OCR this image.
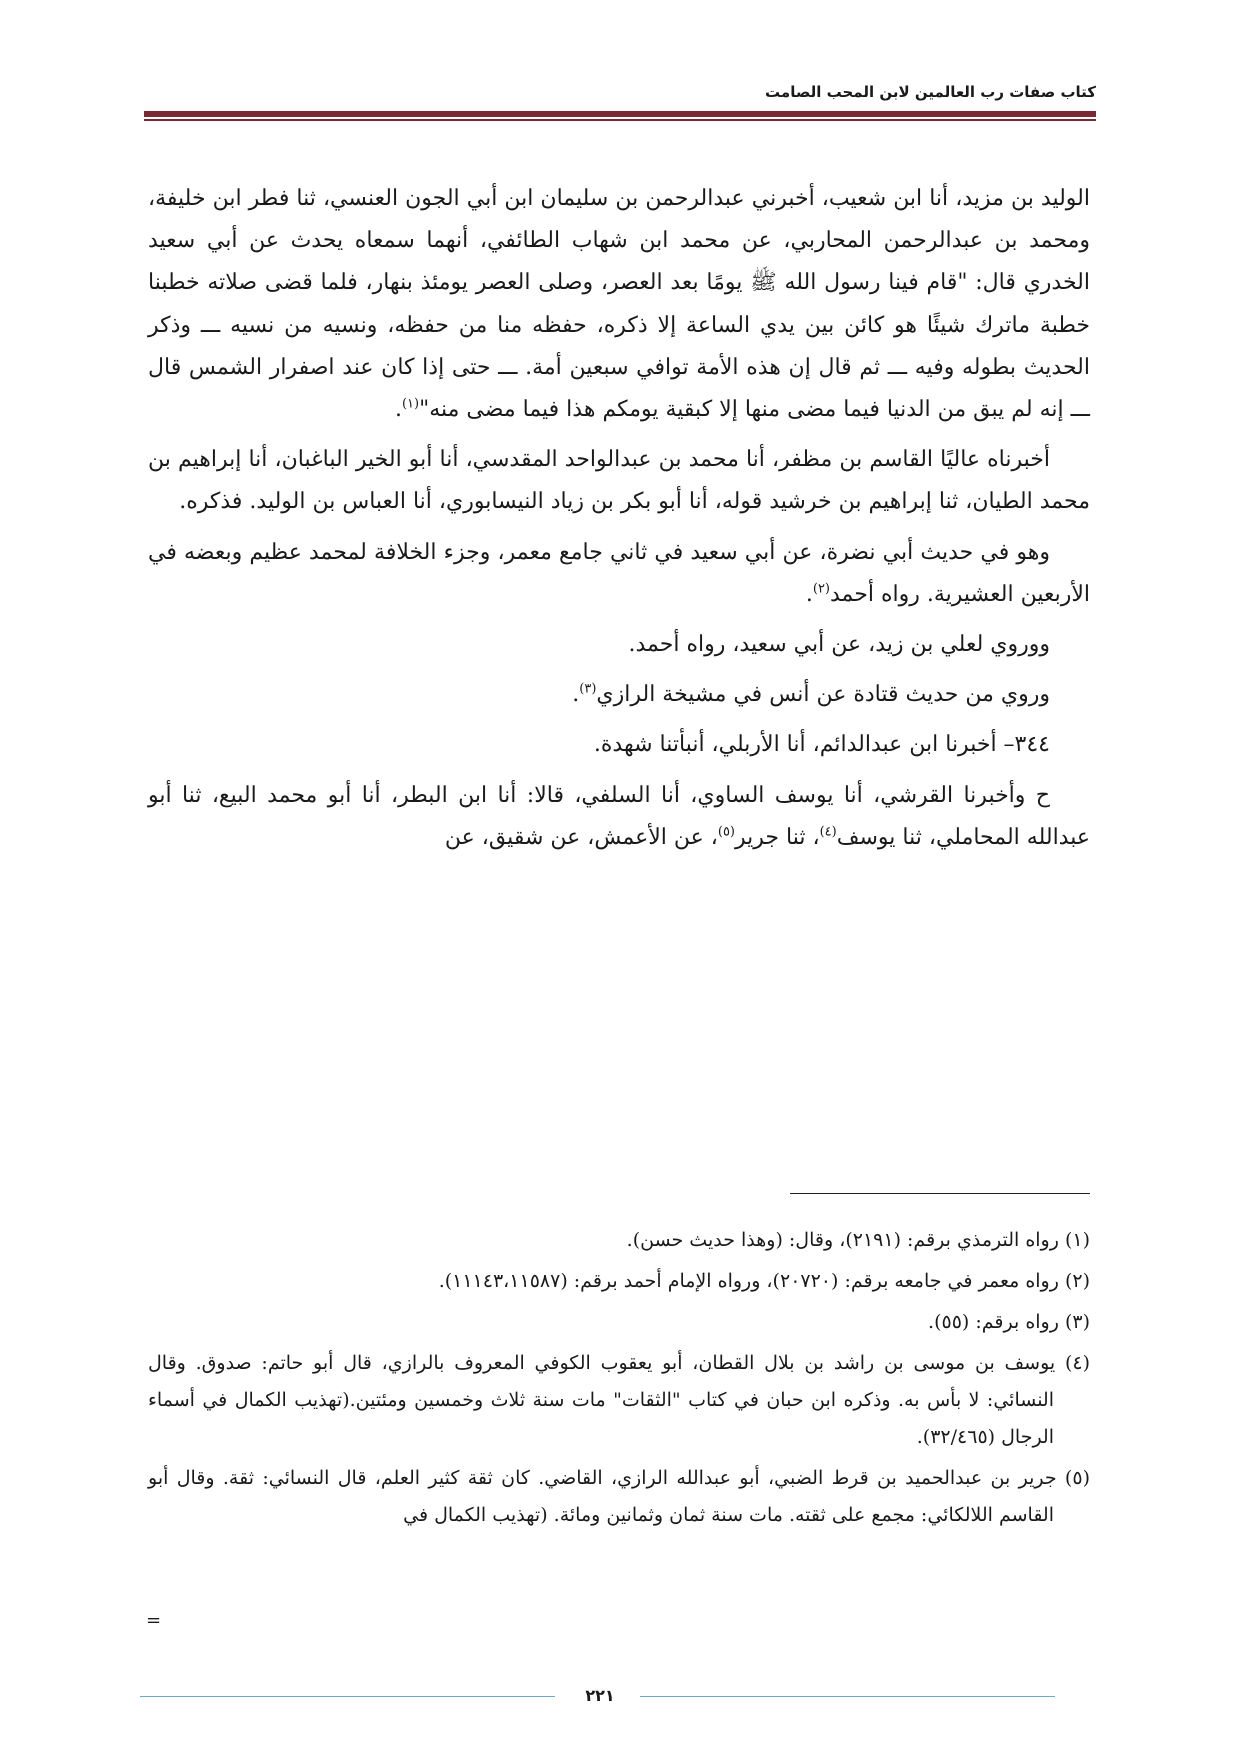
كتاب صفات رب العالمين لابن المحب الصامت

الوليد بن مزيد، أنا ابن شعيب، أخبرني عبدالرحمن بن سليمان ابن أبي الجون العنسي، ثنا فطر ابن خليفة، ومحمد بن عبدالرحمن المحاربي، عن محمد ابن شهاب الطائفي، أنهما سمعاه يحدث عن أبي سعيد الخدري قال: "قام فينا رسول الله ﷺ يومًا بعد العصر، وصلى العصر يومئذ بنهار، فلما قضى صلاته خطبنا خطبة ماترك شيئًا هو كائن بين يدي الساعة إلا ذكره، حفظه منا من حفظه، ونسيه من نسيه ـــ وذكر الحديث بطوله وفيه ـــ ثم قال إن هذه الأمة توافي سبعين أمة. ـــ حتى إذا كان عند اصفرار الشمس قال ـــ إنه لم يبق من الدنيا فيما مضى منها إلا كبقية يومكم هذا فيما مضى منه"$^{(١)}$.

أخبرناه عاليًا القاسم بن مظفر، أنا محمد بن عبدالواحد المقدسي، أنا أبو الخير الباغبان، أنا إبراهيم بن محمد الطيان، ثنا إبراهيم بن خرشيد قوله، أنا أبو بكر بن زياد النيسابوري، أنا العباس بن الوليد. فذكره.

وهو في حديث أبي نضرة، عن أبي سعيد في ثاني جامع معمر، وجزء الخلافة لمحمد عظيم وبعضه في الأربعين العشيرية. رواه أحمد$^{(٢)}$.

ووروي لعلي بن زيد، عن أبي سعيد، رواه أحمد.

وروي من حديث قتادة عن أنس في مشيخة الرازي$^{(٣)}$.

٣٤٤– أخبرنا ابن عبدالدائم، أنا الأربلي، أنبأتنا شهدة.

ح وأخبرنا القرشي، أنا يوسف الساوي، أنا السلفي، قالا: أنا ابن البطر، أنا أبو محمد البيع، ثنا أبو عبدالله المحاملي، ثنا يوسف$^{(٤)}$، ثنا جرير$^{(٥)}$، عن الأعمش، عن شقيق، عن

(١) رواه الترمذي برقم: (٢١٩١)، وقال: (وهذا حديث حسن).

(٢) رواه معمر في جامعه برقم: (٢٠٧٢٠)، ورواه الإمام أحمد برقم: (١١١٤٣،١١٥٨٧).

(٣) رواه برقم: (٥٥).

(٤) يوسف بن موسى بن راشد بن بلال القطان، أبو يعقوب الكوفي المعروف بالرازي، قال أبو حاتم: صدوق. وقال النسائي: لا بأس به. وذكره ابن حبان في كتاب "الثقات" مات سنة ثلاث وخمسين ومئتين.(تهذيب الكمال في أسماء الرجال (٣٢/٤٦٥).

(٥) جرير بن عبدالحميد بن قرط الضبي، أبو عبدالله الرازي، القاضي. كان ثقة كثير العلم، قال النسائي: ثقة. وقال أبو القاسم اللالكائي: مجمع على ثقته. مات سنة ثمان وثمانين ومائة. (تهذيب الكمال في

=
٢٢١
